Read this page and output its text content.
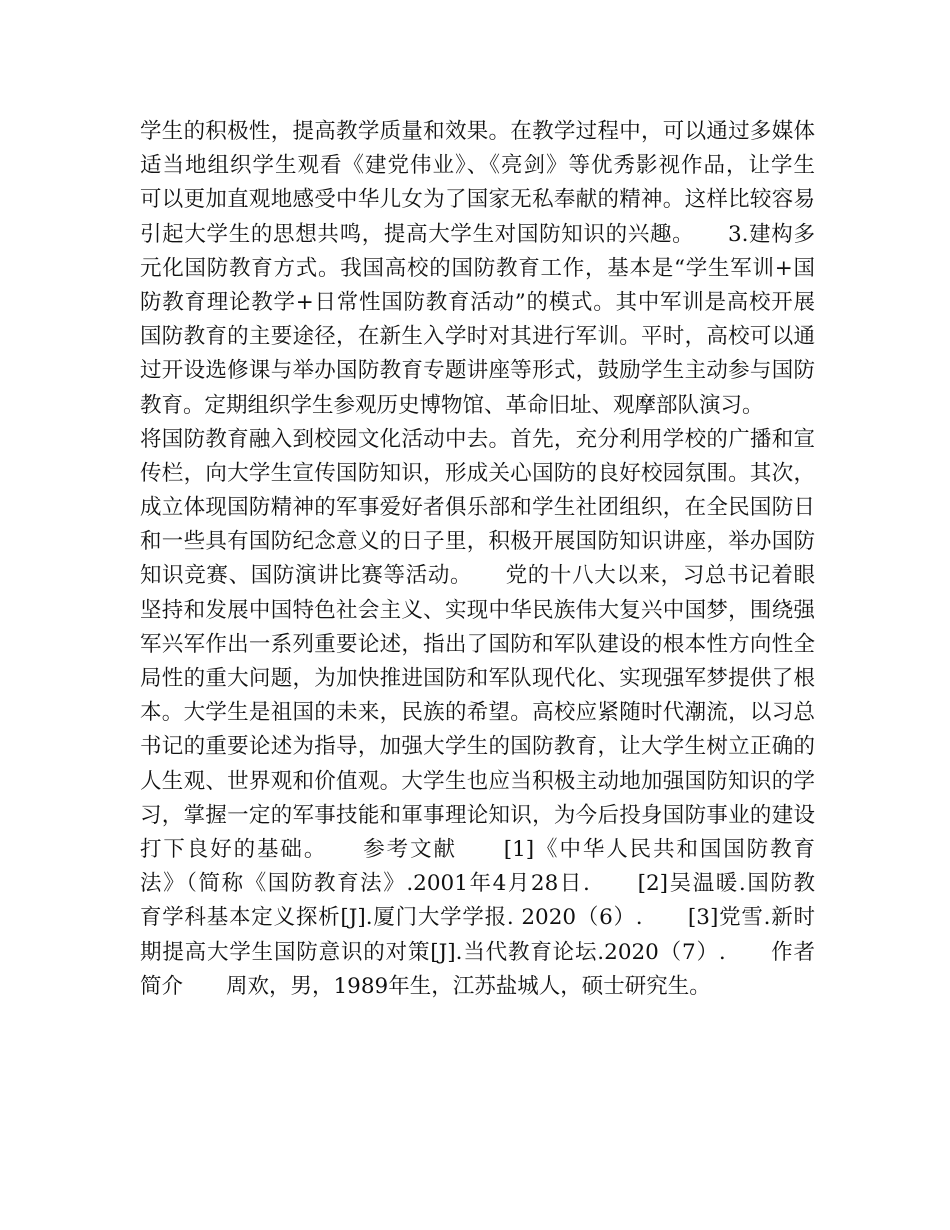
学生的积极性，提高教学质量和效果。在教学过程中，可以通过多媒体
适当地组织学生观看《建党伟业》、《亮剑》等优秀影视作品，让学生
可以更加直观地感受中华儿女为了国家无私奉献的精神。这样比较容易
引起大学生的思想共鸣，提高大学生对国防知识的兴趣。　　3.建构多
元化国防教育方式。我国高校的国防教育工作，基本是“学生军训+国
防教育理论教学+日常性国防教育活动”的模式。其中军训是高校开展
国防教育的主要途径，在新生入学时对其进行军训。平时，高校可以通
过开设选修课与举办国防教育专题讲座等形式，鼓励学生主动参与国防
教育。定期组织学生参观历史博物馆、革命旧址、观摩部队演习。
将国防教育融入到校园文化活动中去。首先，充分利用学校的广播和宣
传栏，向大学生宣传国防知识，形成关心国防的良好校园氛围。其次，
成立体现国防精神的军事爱好者俱乐部和学生社团组织，在全民国防日
和一些具有国防纪念意义的日子里，积极开展国防知识讲座，举办国防
知识竞赛、国防演讲比赛等活动。　　党的十八大以来，习总书记着眼
坚持和发展中国特色社会主义、实现中华民族伟大复兴中国梦，围绕强
军兴军作出一系列重要论述，指出了国防和军队建设的根本性方向性全
局性的重大问题，为加快推进国防和军队现代化、实现强军梦提供了根
本。大学生是祖国的未来，民族的希望。高校应紧随时代潮流，以习总
书记的重要论述为指导，加强大学生的国防教育，让大学生树立正确的
人生观、世界观和价值观。大学生也应当积极主动地加强国防知识的学
习，掌握一定的军事技能和軍事理论知识，为今后投身国防事业的建设
打下良好的基础。　　参考文献　　[1]《中华人民共和国国防教育
法》（简称《国防教育法》.2001年4月28日.　　[2]吴温暖.国防教
育学科基本定义探析[J].厦门大学学报. 2020（6）.　　[3]党雪.新时
期提高大学生国防意识的对策[J].当代教育论坛.2020（7）.　　作者
简介　　周欢，男，1989年生，江苏盐城人，硕士研究生。
